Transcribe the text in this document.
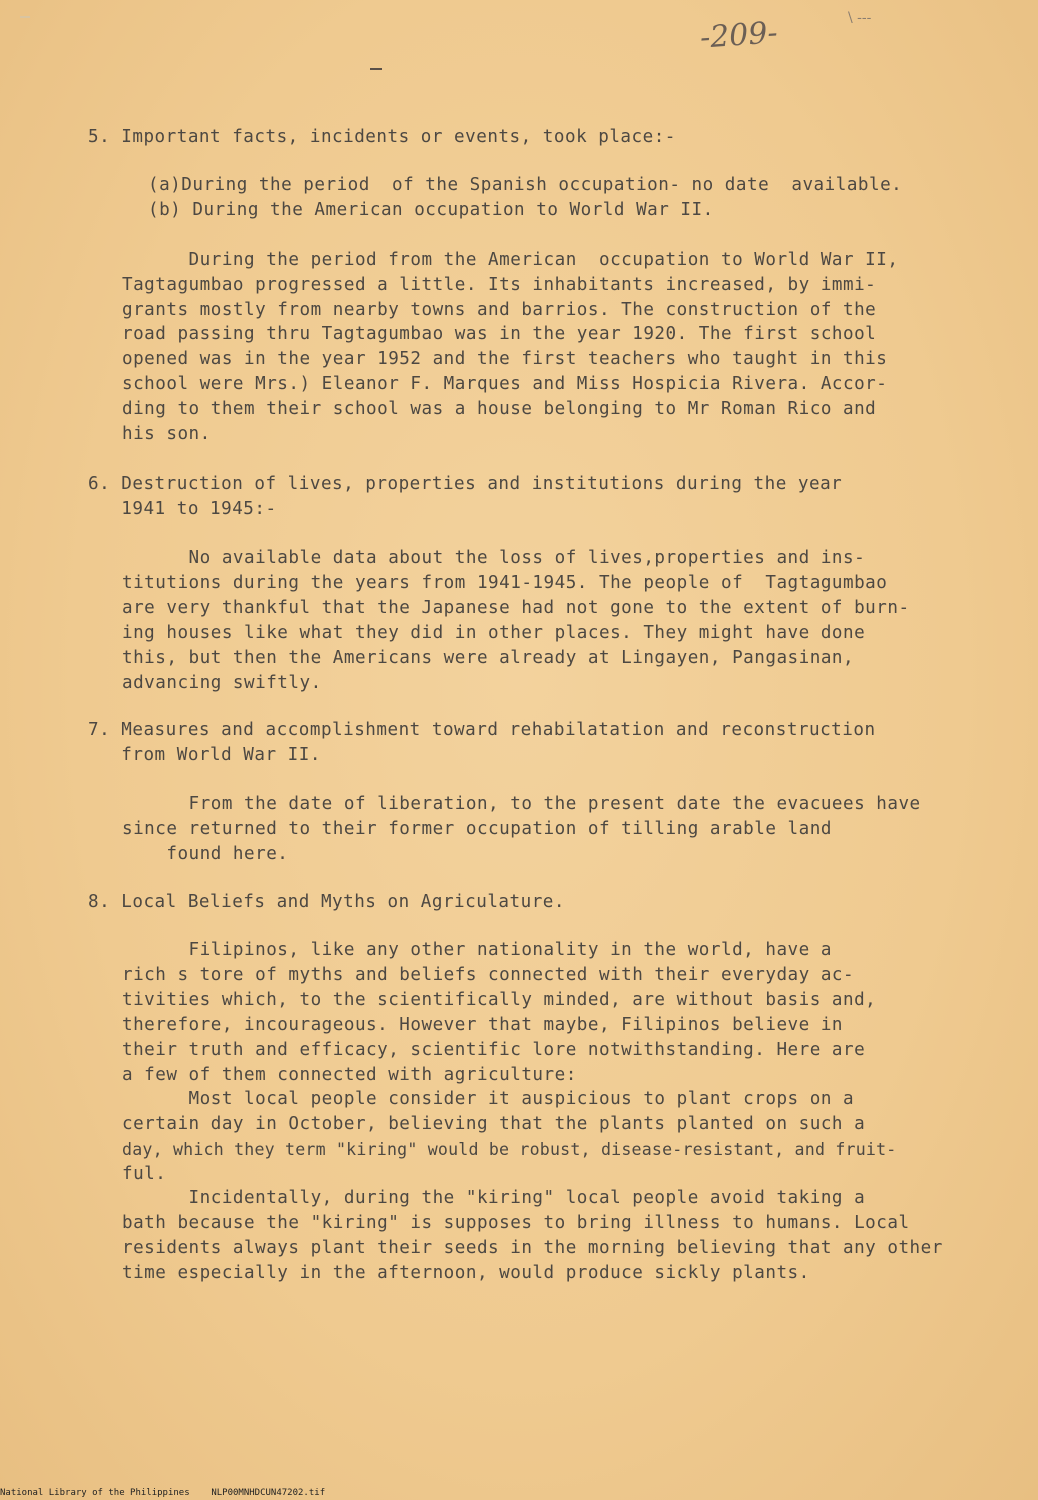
-209-	\ ---
5. Important facts, incidents or events, took place:-
(a)During the period  of the Spanish occupation- no date  available.
(b) During the American occupation to World War II.
During the period from the American  occupation to World War II,
Tagtagumbao progressed a little. Its inhabitants increased, by immi-
grants mostly from nearby towns and barrios. The construction of the
road passing thru Tagtagumbao was in the year 1920. The first school
opened was in the year 1952 and the first teachers who taught in this
school were Mrs.) Eleanor F. Marques and Miss Hospicia Rivera. Accor-
ding to them their school was a house belonging to Mr Roman Rico and
his son.
6. Destruction of lives, properties and institutions during the year
1941 to 1945:-
No available data about the loss of lives,properties and ins-
titutions during the years from 1941-1945. The people of  Tagtagumbao
are very thankful that the Japanese had not gone to the extent of burn-
ing houses like what they did in other places. They might have done
this, but then the Americans were already at Lingayen, Pangasinan,
advancing swiftly.
7. Measures and accomplishment toward rehabilatation and reconstruction
from World War II.
From the date of liberation, to the present date the evacuees have
since returned to their former occupation of tilling arable land
found here.
8. Local Beliefs and Myths on Agriculature.
Filipinos, like any other nationality in the world, have a
rich s tore of myths and beliefs connected with their everyday ac-
tivities which, to the scientifically minded, are without basis and,
therefore, incourageous. However that maybe, Filipinos believe in
their truth and efficacy, scientific lore notwithstanding. Here are
a few of them connected with agriculture:
Most local people consider it auspicious to plant crops on a
certain day in October, believing that the plants planted on such a
day, which they term "kiring" would be robust, disease-resistant, and fruit-
ful.
Incidentally, during the "kiring" local people avoid taking a
bath because the "kiring" is supposes to bring illness to humans. Local
residents always plant their seeds in the morning believing that any other
time especially in the afternoon, would produce sickly plants.
National Library of the Philippines    NLP00MNHDCUN47202.tif
